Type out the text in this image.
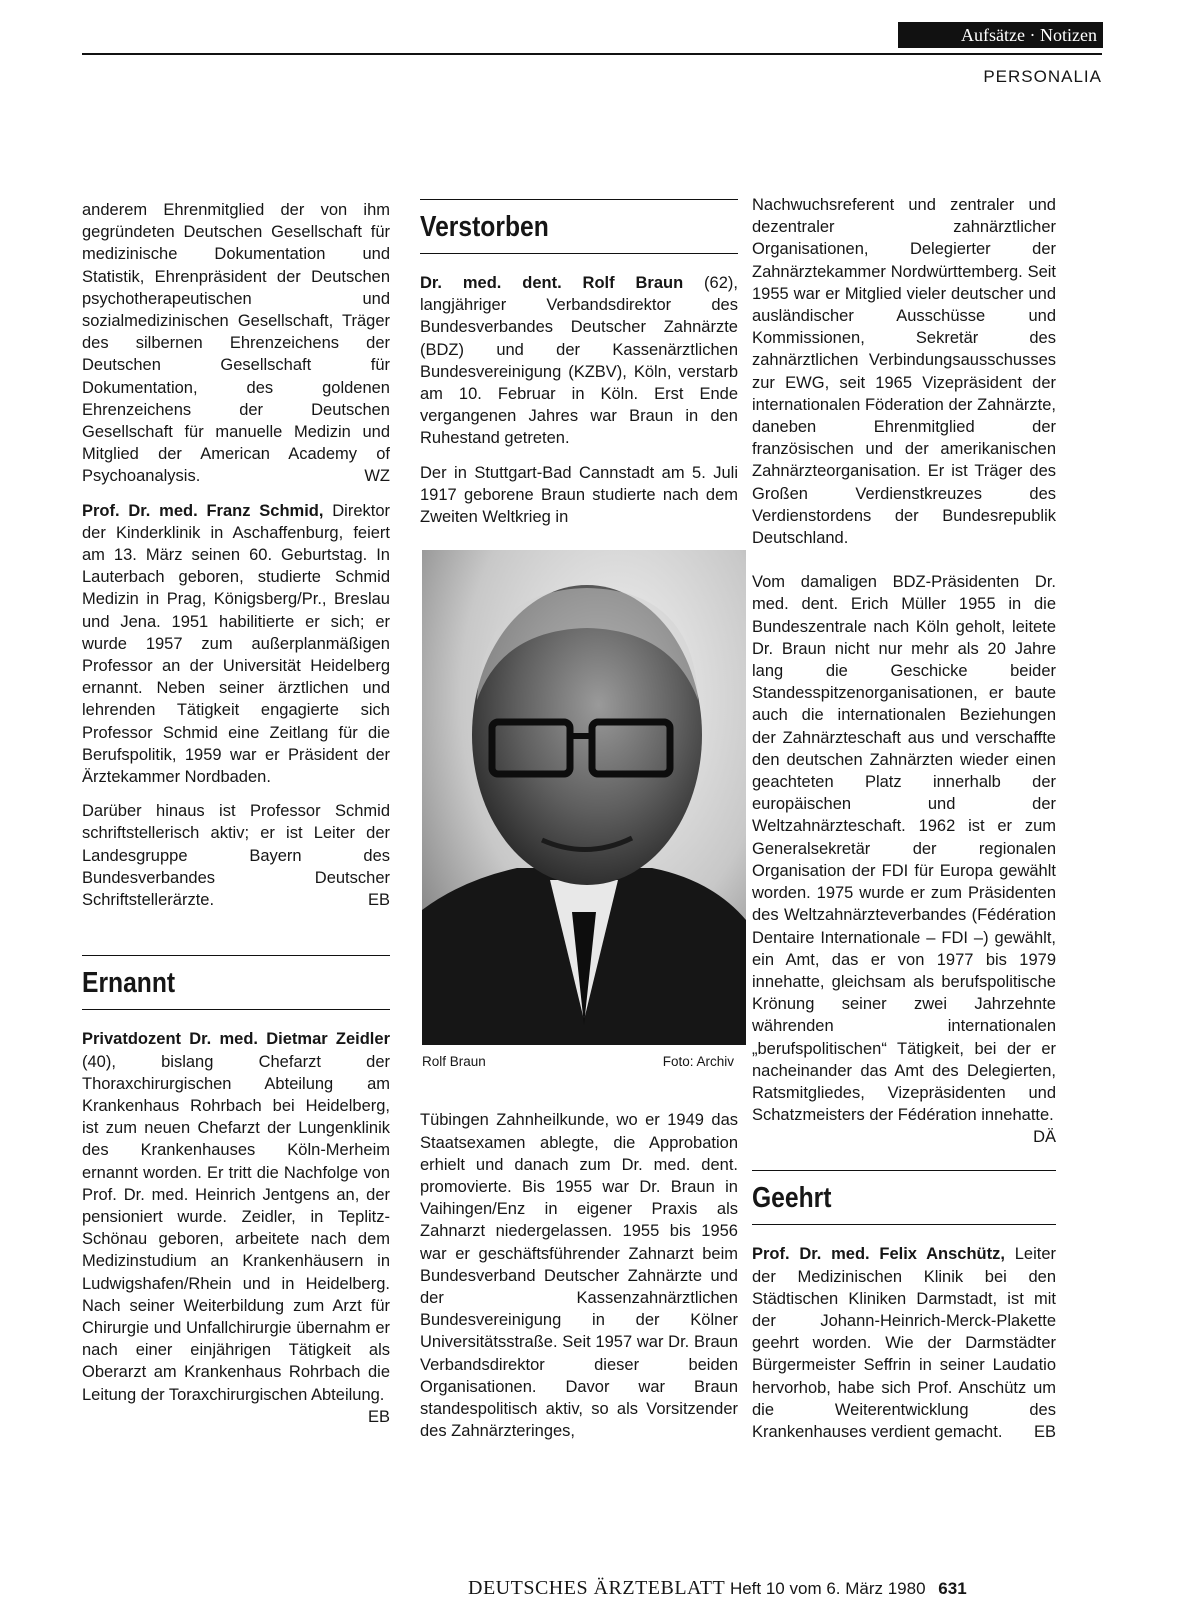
Aufsätze · Notizen
PERSONALIA

anderem Ehrenmitglied der von ihm gegründeten Deutschen Gesellschaft für medizinische Dokumentation und Statistik, Ehrenpräsident der Deutschen psychotherapeutischen und sozialmedizinischen Gesellschaft, Träger des silbernen Ehrenzeichens der Deutschen Gesellschaft für Dokumentation, des goldenen Ehrenzeichens der Deutschen Gesellschaft für manuelle Medizin und Mitglied der American Academy of Psychoanalysis.	WZ

Prof. Dr. med. Franz Schmid, Direktor der Kinderklinik in Aschaffenburg, feiert am 13. März seinen 60. Geburtstag. In Lauterbach geboren, studierte Schmid Medizin in Prag, Königsberg/Pr., Breslau und Jena. 1951 habilitierte er sich; er wurde 1957 zum außerplanmäßigen Professor an der Universität Heidelberg ernannt. Neben seiner ärztlichen und lehrenden Tätigkeit engagierte sich Professor Schmid eine Zeitlang für die Berufspolitik, 1959 war er Präsident der Ärztekammer Nordbaden.

Darüber hinaus ist Professor Schmid schriftstellerisch aktiv; er ist Leiter der Landesgruppe Bayern des Bundesverbandes Deutscher Schriftstellerärzte.	EB

Ernannt

Privatdozent Dr. med. Dietmar Zeidler (40), bislang Chefarzt der Thoraxchirurgischen Abteilung am Krankenhaus Rohrbach bei Heidelberg, ist zum neuen Chefarzt der Lungenklinik des Krankenhauses Köln-Merheim ernannt worden. Er tritt die Nachfolge von Prof. Dr. med. Heinrich Jentgens an, der pensioniert wurde. Zeidler, in Teplitz-Schönau geboren, arbeitete nach dem Medizinstudium an Krankenhäusern in Ludwigshafen/Rhein und in Heidelberg. Nach seiner Weiterbildung zum Arzt für Chirurgie und Unfallchirurgie übernahm er nach einer einjährigen Tätigkeit als Oberarzt am Krankenhaus Rohrbach die Leitung der Toraxchirurgischen Abteilung.
EB

Verstorben

Dr. med. dent. Rolf Braun (62), langjähriger Verbandsdirektor des Bundesverbandes Deutscher Zahnärzte (BDZ) und der Kassenärztlichen Bundesvereinigung (KZBV), Köln, verstarb am 10. Februar in Köln. Erst Ende vergangenen Jahres war Braun in den Ruhestand getreten.

Der in Stuttgart-Bad Cannstadt am 5. Juli 1917 geborene Braun studierte nach dem Zweiten Weltkrieg in

Rolf Braun	Foto: Archiv

Tübingen Zahnheilkunde, wo er 1949 das Staatsexamen ablegte, die Approbation erhielt und danach zum Dr. med. dent. promovierte. Bis 1955 war Dr. Braun in Vaihingen/Enz in eigener Praxis als Zahnarzt niedergelassen. 1955 bis 1956 war er geschäftsführender Zahnarzt beim Bundesverband Deutscher Zahnärzte und der Kassenzahnärztlichen Bundesvereinigung in der Kölner Universitätsstraße. Seit 1957 war Dr. Braun Verbandsdirektor dieser beiden Organisationen. Davor war Braun standespolitisch aktiv, so als Vorsitzender des Zahnärzteringes,

Nachwuchsreferent und zentraler und dezentraler zahnärztlicher Organisationen, Delegierter der Zahnärztekammer Nordwürttemberg. Seit 1955 war er Mitglied vieler deutscher und ausländischer Ausschüsse und Kommissionen, Sekretär des zahnärztlichen Verbindungsausschusses zur EWG, seit 1965 Vizepräsident der internationalen Föderation der Zahnärzte, daneben Ehrenmitglied der französischen und der amerikanischen Zahnärzteorganisation. Er ist Träger des Großen Verdienstkreuzes des Verdienstordens der Bundesrepublik Deutschland.

Vom damaligen BDZ-Präsidenten Dr. med. dent. Erich Müller 1955 in die Bundeszentrale nach Köln geholt, leitete Dr. Braun nicht nur mehr als 20 Jahre lang die Geschicke beider Standesspitzenorganisationen, er baute auch die internationalen Beziehungen der Zahnärzteschaft aus und verschaffte den deutschen Zahnärzten wieder einen geachteten Platz innerhalb der europäischen und der Weltzahnärzteschaft. 1962 ist er zum Generalsekretär der regionalen Organisation der FDI für Europa gewählt worden. 1975 wurde er zum Präsidenten des Weltzahnärzteverbandes (Fédération Dentaire Internationale – FDI –) gewählt, ein Amt, das er von 1977 bis 1979 innehatte, gleichsam als berufspolitische Krönung seiner zwei Jahrzehnte währenden internationalen „berufspolitischen“ Tätigkeit, bei der er nacheinander das Amt des Delegierten, Ratsmitgliedes, Vizepräsidenten und Schatzmeisters der Fédération innehatte.
DÄ

Geehrt

Prof. Dr. med. Felix Anschütz, Leiter der Medizinischen Klinik bei den Städtischen Kliniken Darmstadt, ist mit der Johann-Heinrich-Merck-Plakette geehrt worden. Wie der Darmstädter Bürgermeister Seffrin in seiner Laudatio hervorhob, habe sich Prof. Anschütz um die Weiterentwicklung des Krankenhauses verdient gemacht. EB

DEUTSCHES ÄRZTEBLATT Heft 10 vom 6. März 1980 631
